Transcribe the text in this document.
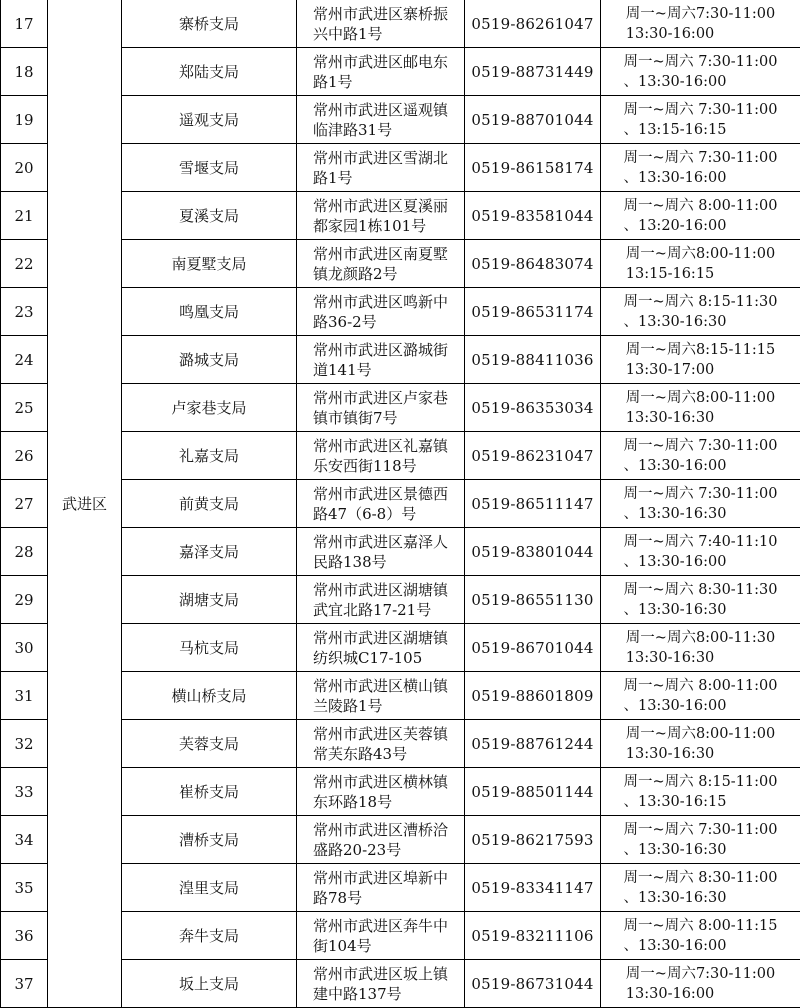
17	武进区	寨桥支局	常州市武进区寨桥振
兴中路1号	0519-86261047	周一~周六7:30-11:00
13:30-16:00
18		郑陆支局	常州市武进区邮电东
路1号	0519-88731449	周一~周六 7:30-11:00
、13:30-16:00
19		遥观支局	常州市武进区遥观镇
临津路31号	0519-88701044	周一~周六 7:30-11:00
、13:15-16:15
20		雪堰支局	常州市武进区雪湖北
路1号	0519-86158174	周一~周六 7:30-11:00
、13:30-16:00
21		夏溪支局	常州市武进区夏溪丽
都家园1栋101号	0519-83581044	周一~周六 8:00-11:00
、13:20-16:00
22		南夏墅支局	常州市武进区南夏墅
镇龙颜路2号	0519-86483074	周一~周六8:00-11:00
13:15-16:15
23		鸣凰支局	常州市武进区鸣新中
路36-2号	0519-86531174	周一~周六 8:15-11:30
、13:30-16:30
24		潞城支局	常州市武进区潞城街
道141号	0519-88411036	周一~周六8:15-11:15
13:30-17:00
25		卢家巷支局	常州市武进区卢家巷
镇市镇街7号	0519-86353034	周一~周六8:00-11:00
13:30-16:30
26		礼嘉支局	常州市武进区礼嘉镇
乐安西街118号	0519-86231047	周一~周六 7:30-11:00
、13:30-16:00
27		前黄支局	常州市武进区景德西
路47（6-8）号	0519-86511147	周一~周六 7:30-11:00
、13:30-16:30
28		嘉泽支局	常州市武进区嘉泽人
民路138号	0519-83801044	周一~周六 7:40-11:10
、13:30-16:00
29		湖塘支局	常州市武进区湖塘镇
武宜北路17-21号	0519-86551130	周一~周六 8:30-11:30
、13:30-16:30
30		马杭支局	常州市武进区湖塘镇
纺织城C17-105	0519-86701044	周一~周六8:00-11:30
13:30-16:30
31		横山桥支局	常州市武进区横山镇
兰陵路1号	0519-88601809	周一~周六 8:00-11:00
、13:30-16:00
32		芙蓉支局	常州市武进区芙蓉镇
常芙东路43号	0519-88761244	周一~周六8:00-11:00
13:30-16:30
33		崔桥支局	常州市武进区横林镇
东环路18号	0519-88501144	周一~周六 8:15-11:00
、13:30-16:15
34		漕桥支局	常州市武进区漕桥洽
盛路20-23号	0519-86217593	周一~周六 7:30-11:00
、13:30-16:30
35		湟里支局	常州市武进区埠新中
路78号	0519-83341147	周一~周六 8:30-11:00
、13:30-16:30
36		奔牛支局	常州市武进区奔牛中
街104号	0519-83211106	周一~周六 8:00-11:15
、13:30-16:00
37		坂上支局	常州市武进区坂上镇
建中路137号	0519-86731044	周一~周六7:30-11:00
13:30-16:00
